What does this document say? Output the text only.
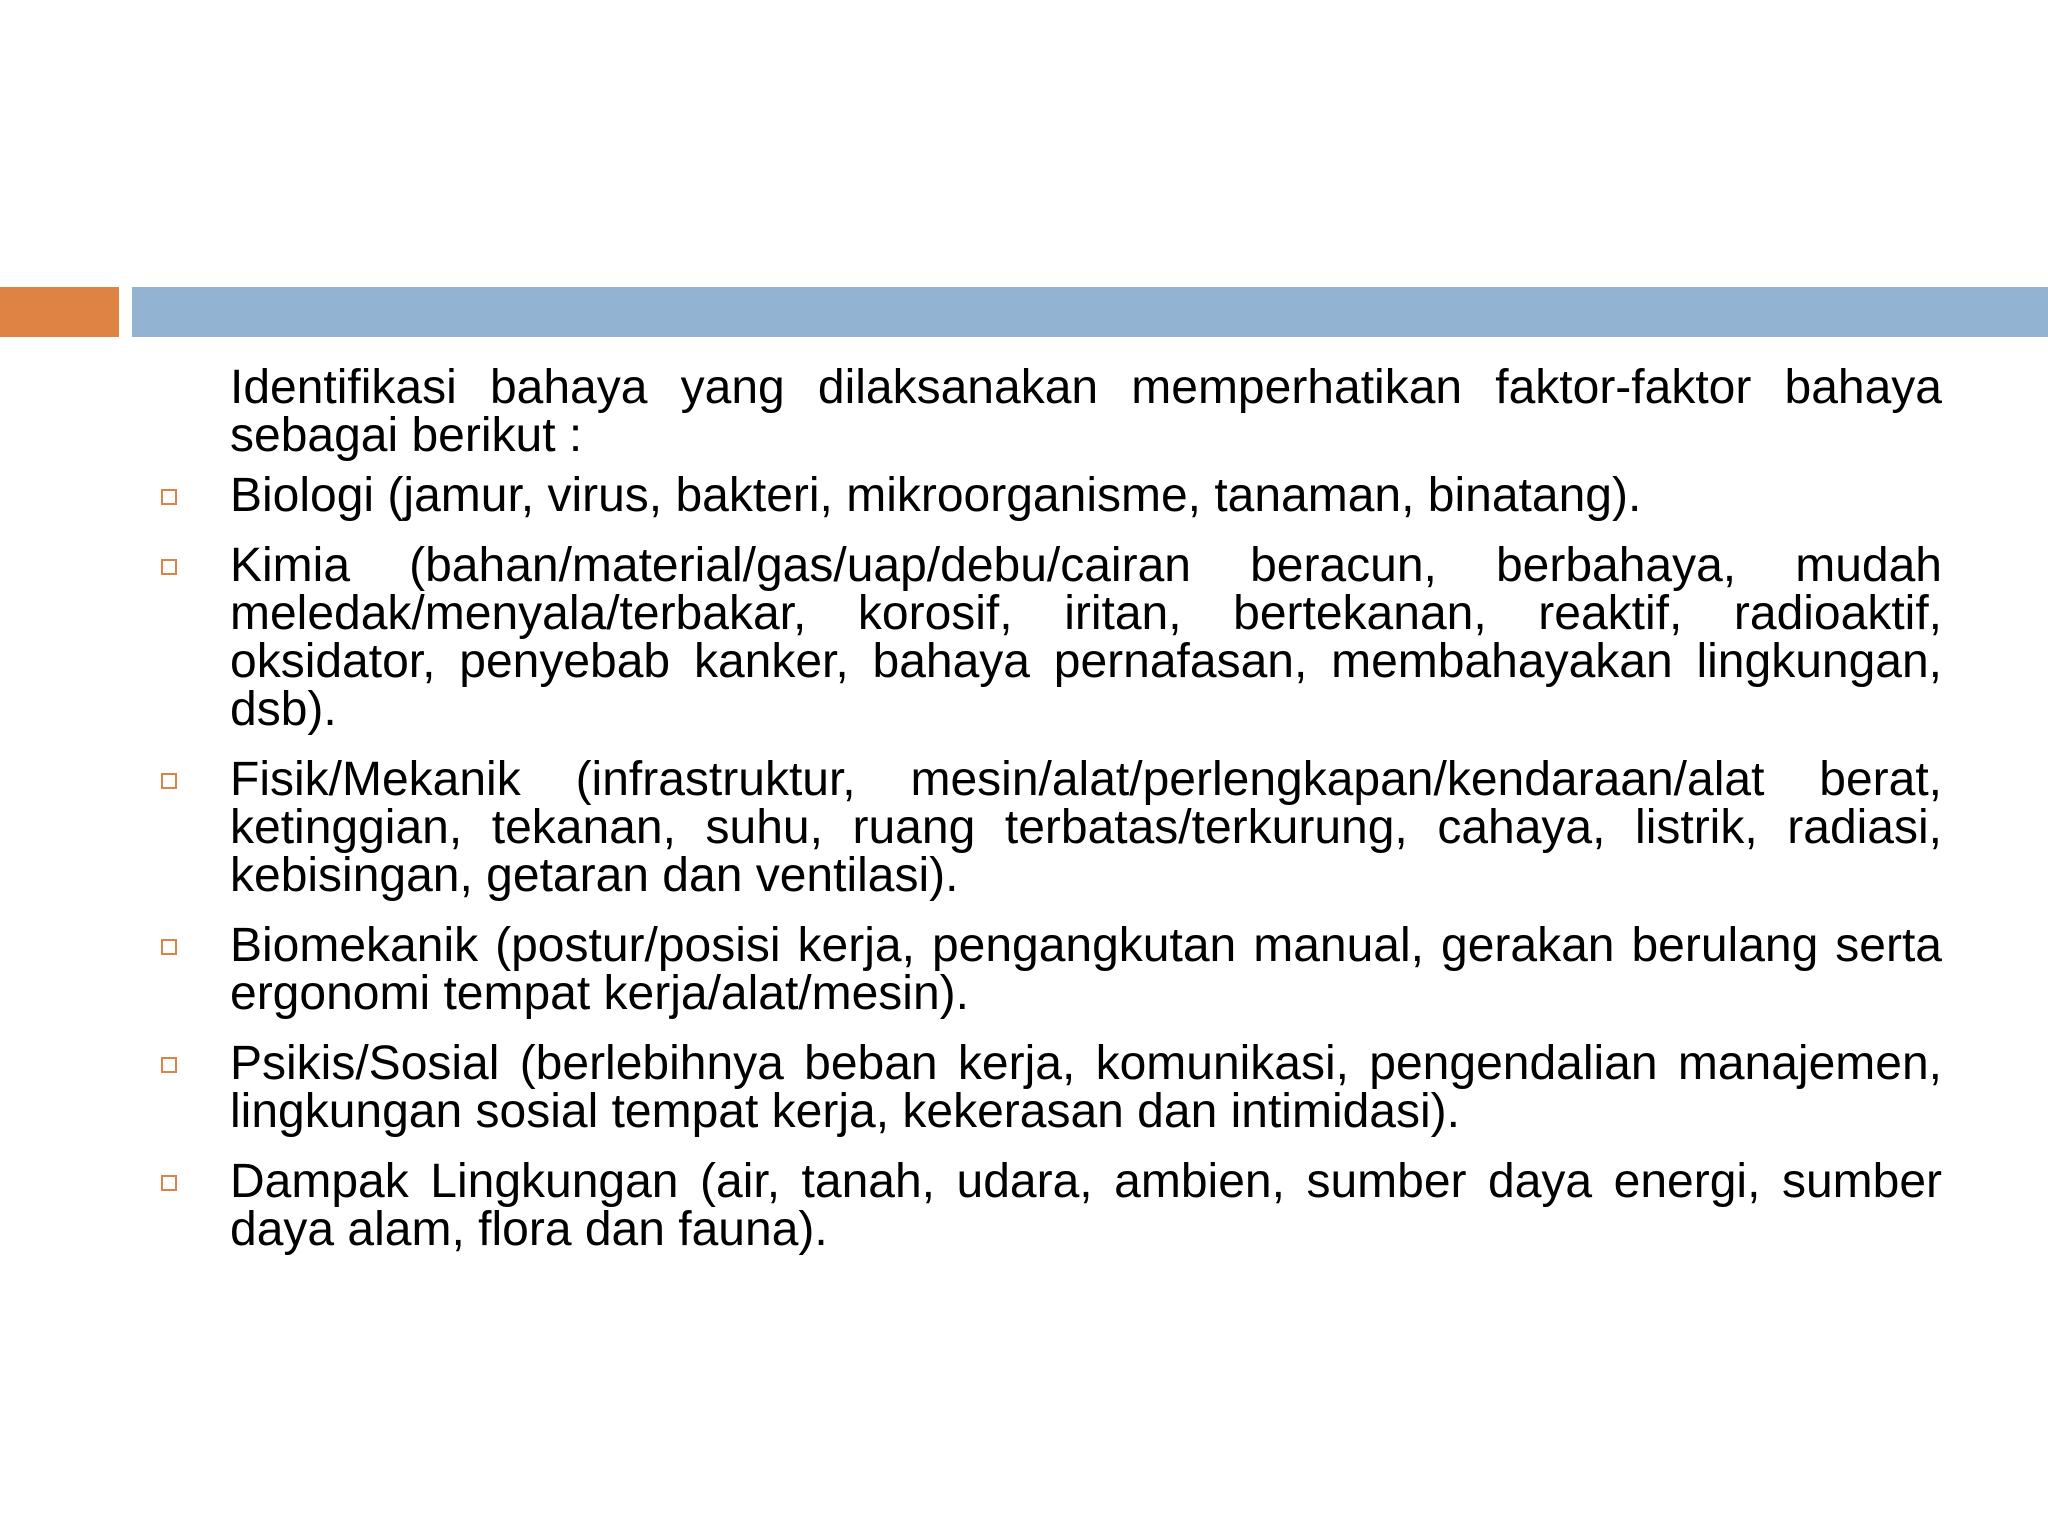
Identifikasi bahaya yang dilaksanakan memperhatikan faktor-faktor bahaya sebagai berikut :

Biologi (jamur, virus, bakteri, mikroorganisme, tanaman, binatang).
Kimia (bahan/material/gas/uap/debu/cairan beracun, berbahaya, mudah meledak/menyala/terbakar, korosif, iritan, bertekanan, reaktif, radioaktif, oksidator, penyebab kanker, bahaya pernafasan, membahayakan lingkungan, dsb).
Fisik/Mekanik (infrastruktur, mesin/alat/perlengkapan/kendaraan/alat berat, ketinggian, tekanan, suhu, ruang terbatas/terkurung, cahaya, listrik, radiasi, kebisingan, getaran dan ventilasi).
Biomekanik (postur/posisi kerja, pengangkutan manual, gerakan berulang serta ergonomi tempat kerja/alat/mesin).
Psikis/Sosial (berlebihnya beban kerja, komunikasi, pengendalian manajemen, lingkungan sosial tempat kerja, kekerasan dan intimidasi).
Dampak Lingkungan (air, tanah, udara, ambien, sumber daya energi, sumber daya alam, flora dan fauna).
